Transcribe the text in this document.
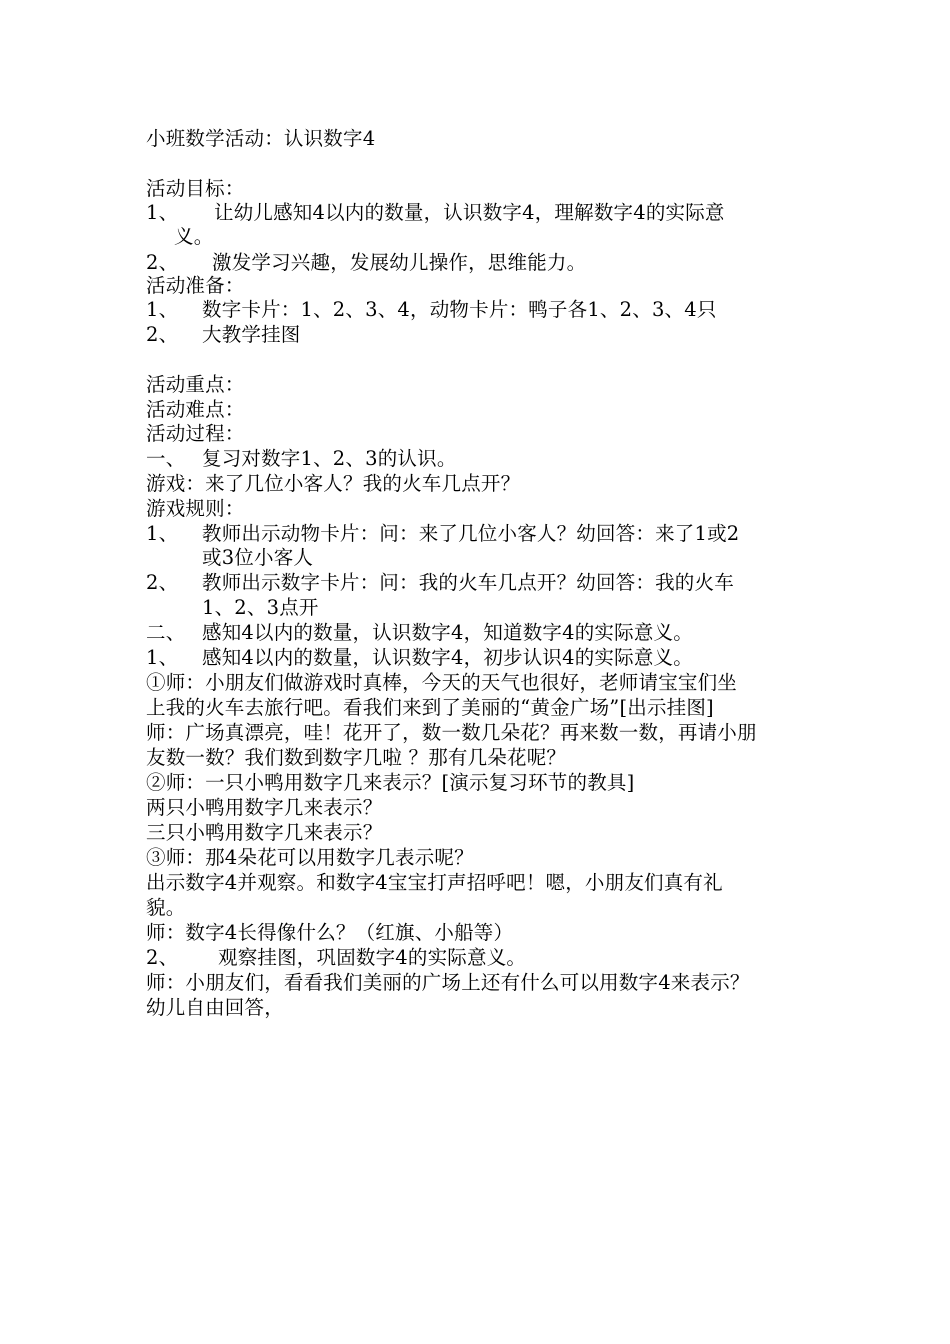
小班数学活动：认识数字4
活动目标：
1、 让幼儿感知4以内的数量，认识数字4，理解数字4的实际意
义。
2、 激发学习兴趣，发展幼儿操作，思维能力。
活动准备：
1、 数字卡片：1、2、3、4，动物卡片：鸭子各1、2、3、4只
2、 大教学挂图
活动重点：
活动难点：
活动过程：
一、 复习对数字1、2、3的认识。
游戏：来了几位小客人？我的火车几点开？
游戏规则：
1、 教师出示动物卡片：问：来了几位小客人？幼回答：来了1或2
或3位小客人
2、 教师出示数字卡片：问：我的火车几点开？幼回答：我的火车
1、2、3点开
二、 感知4以内的数量，认识数字4，知道数字4的实际意义。
1、 感知4以内的数量，认识数字4，初步认识4的实际意义。
①师：小朋友们做游戏时真棒，今天的天气也很好，老师请宝宝们坐
上我的火车去旅行吧。看我们来到了美丽的“黄金广场”[出示挂图]
师：广场真漂亮，哇！花开了，数一数几朵花？再来数一数，再请小朋
友数一数？我们数到数字几啦 ？那有几朵花呢？
②师：一只小鸭用数字几来表示？[演示复习环节的教具]
两只小鸭用数字几来表示？
三只小鸭用数字几来表示？
③师：那4朵花可以用数字几表示呢？
出示数字4并观察。和数字4宝宝打声招呼吧！嗯，小朋友们真有礼
貌。
师：数字4长得像什么？（红旗、小船等）
2、 观察挂图，巩固数字4的实际意义。
师：小朋友们，看看我们美丽的广场上还有什么可以用数字4来表示？
幼儿自由回答，
